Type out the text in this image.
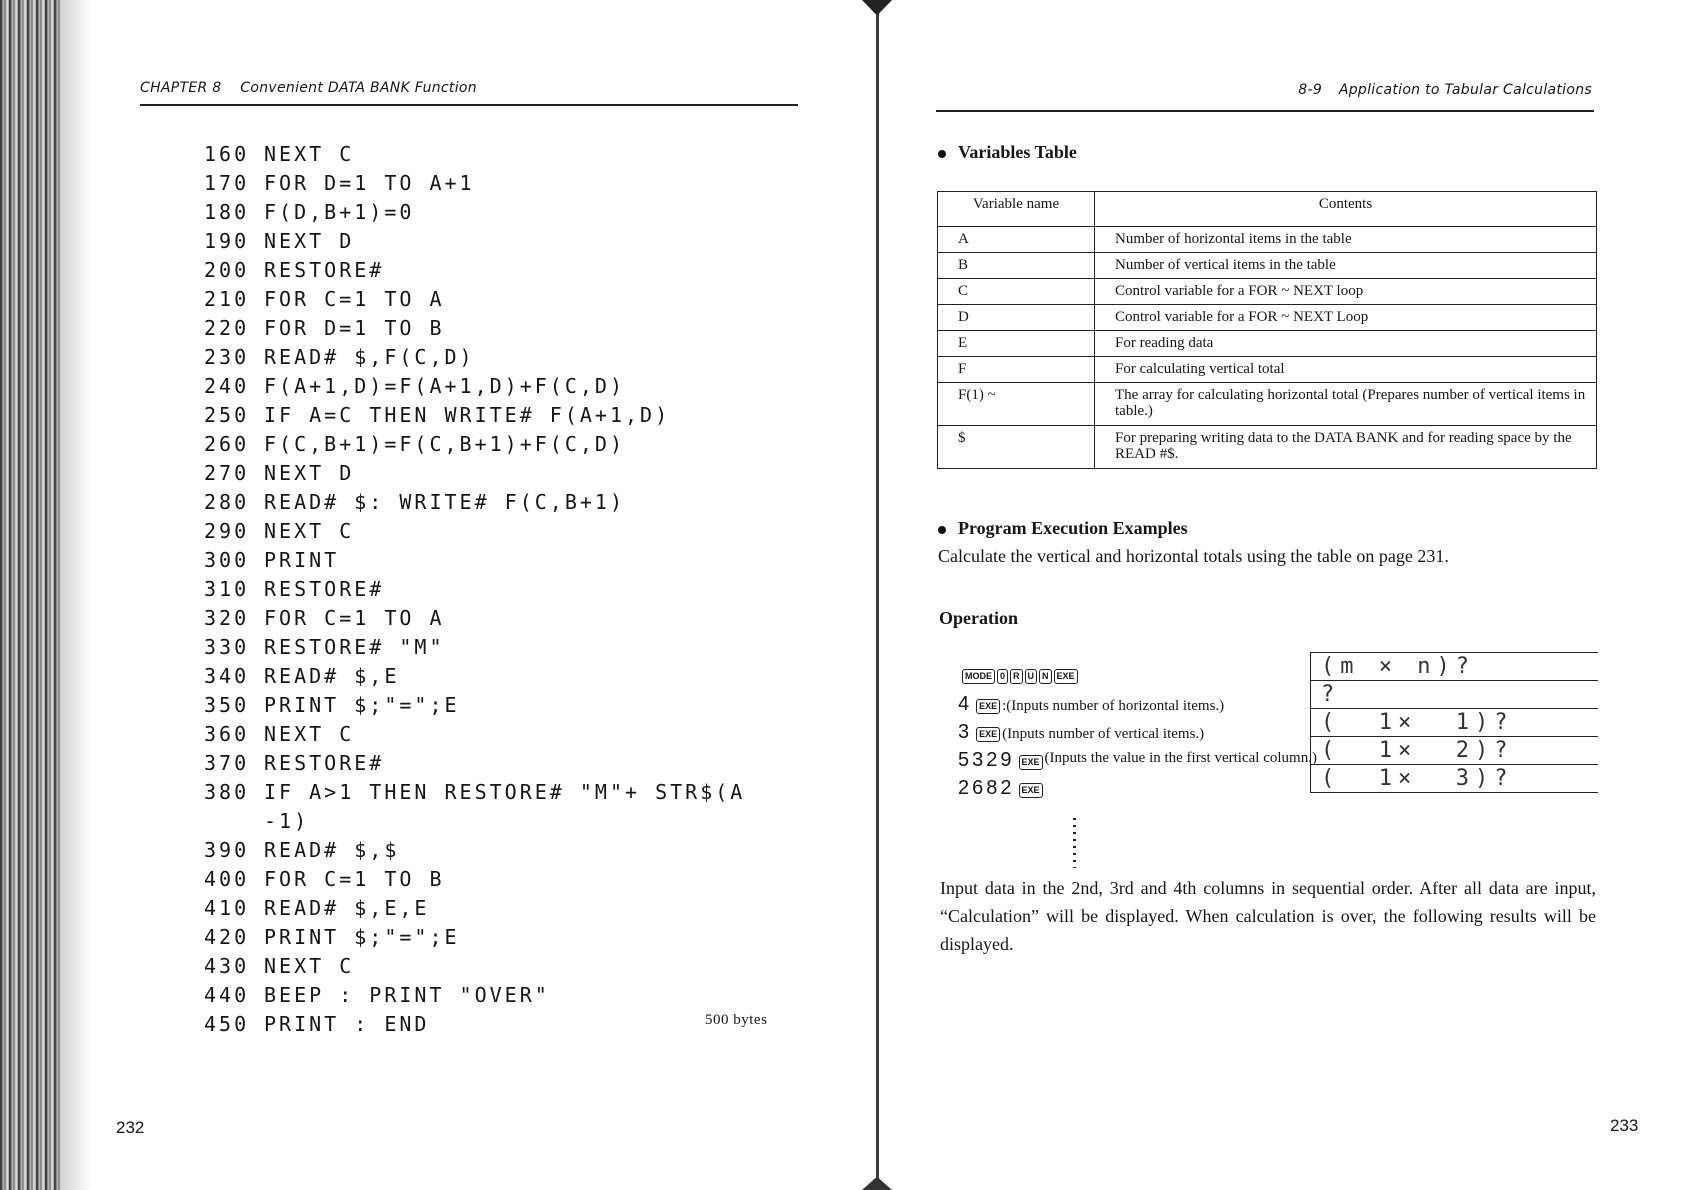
CHAPTER 8 Convenient DATA BANK Function
160 NEXT C
170 FOR D=1 TO A+1
180 F(D,B+1)=0
190 NEXT D
200 RESTORE#
210 FOR C=1 TO A
220 FOR D=1 TO B
230 READ# $,F(C,D)
240 F(A+1,D)=F(A+1,D)+F(C,D)
250 IF A=C THEN WRITE# F(A+1,D)
260 F(C,B+1)=F(C,B+1)+F(C,D)
270 NEXT D
280 READ# $: WRITE# F(C,B+1)
290 NEXT C
300 PRINT
310 RESTORE#
320 FOR C=1 TO A
330 RESTORE# "M"
340 READ# $,E
350 PRINT $;"=";E
360 NEXT C
370 RESTORE#
380 IF A>1 THEN RESTORE# "M"+ STR$(A
-1)
390 READ# $,$
400 FOR C=1 TO B
410 READ# $,E,E
420 PRINT $;"=";E
430 NEXT C
440 BEEP : PRINT "OVER"
450 PRINT : END	500 bytes
232
8-9 Application to Tabular Calculations
Variables Table
Variable name	Contents
A	Number of horizontal items in the table
B	Number of vertical items in the table
C	Control variable for a FOR ~ NEXT loop
D	Control variable for a FOR ~ NEXT Loop
E	For reading data
F	For calculating vertical total
F(1) ~	The array for calculating horizontal total (Prepares number of vertical items in table.)
$	For preparing writing data to the DATA BANK and for reading space by the READ #$.
Program Execution Examples
Calculate the vertical and horizontal totals using the table on page 231.
Operation
MODE 0 R U N EXE
4 EXE :(Inputs number of horizontal items.)
3 EXE (Inputs number of vertical items.)
5329 EXE (Inputs the value in the first vertical column.)
2682 EXE
(m × n)?
?
(  1×  1)?
(  1×  2)?
(  1×  3)?
Input data in the 2nd, 3rd and 4th columns in sequential order. After all data are input, “Calculation” will be displayed. When calculation is over, the following results will be displayed.
233
